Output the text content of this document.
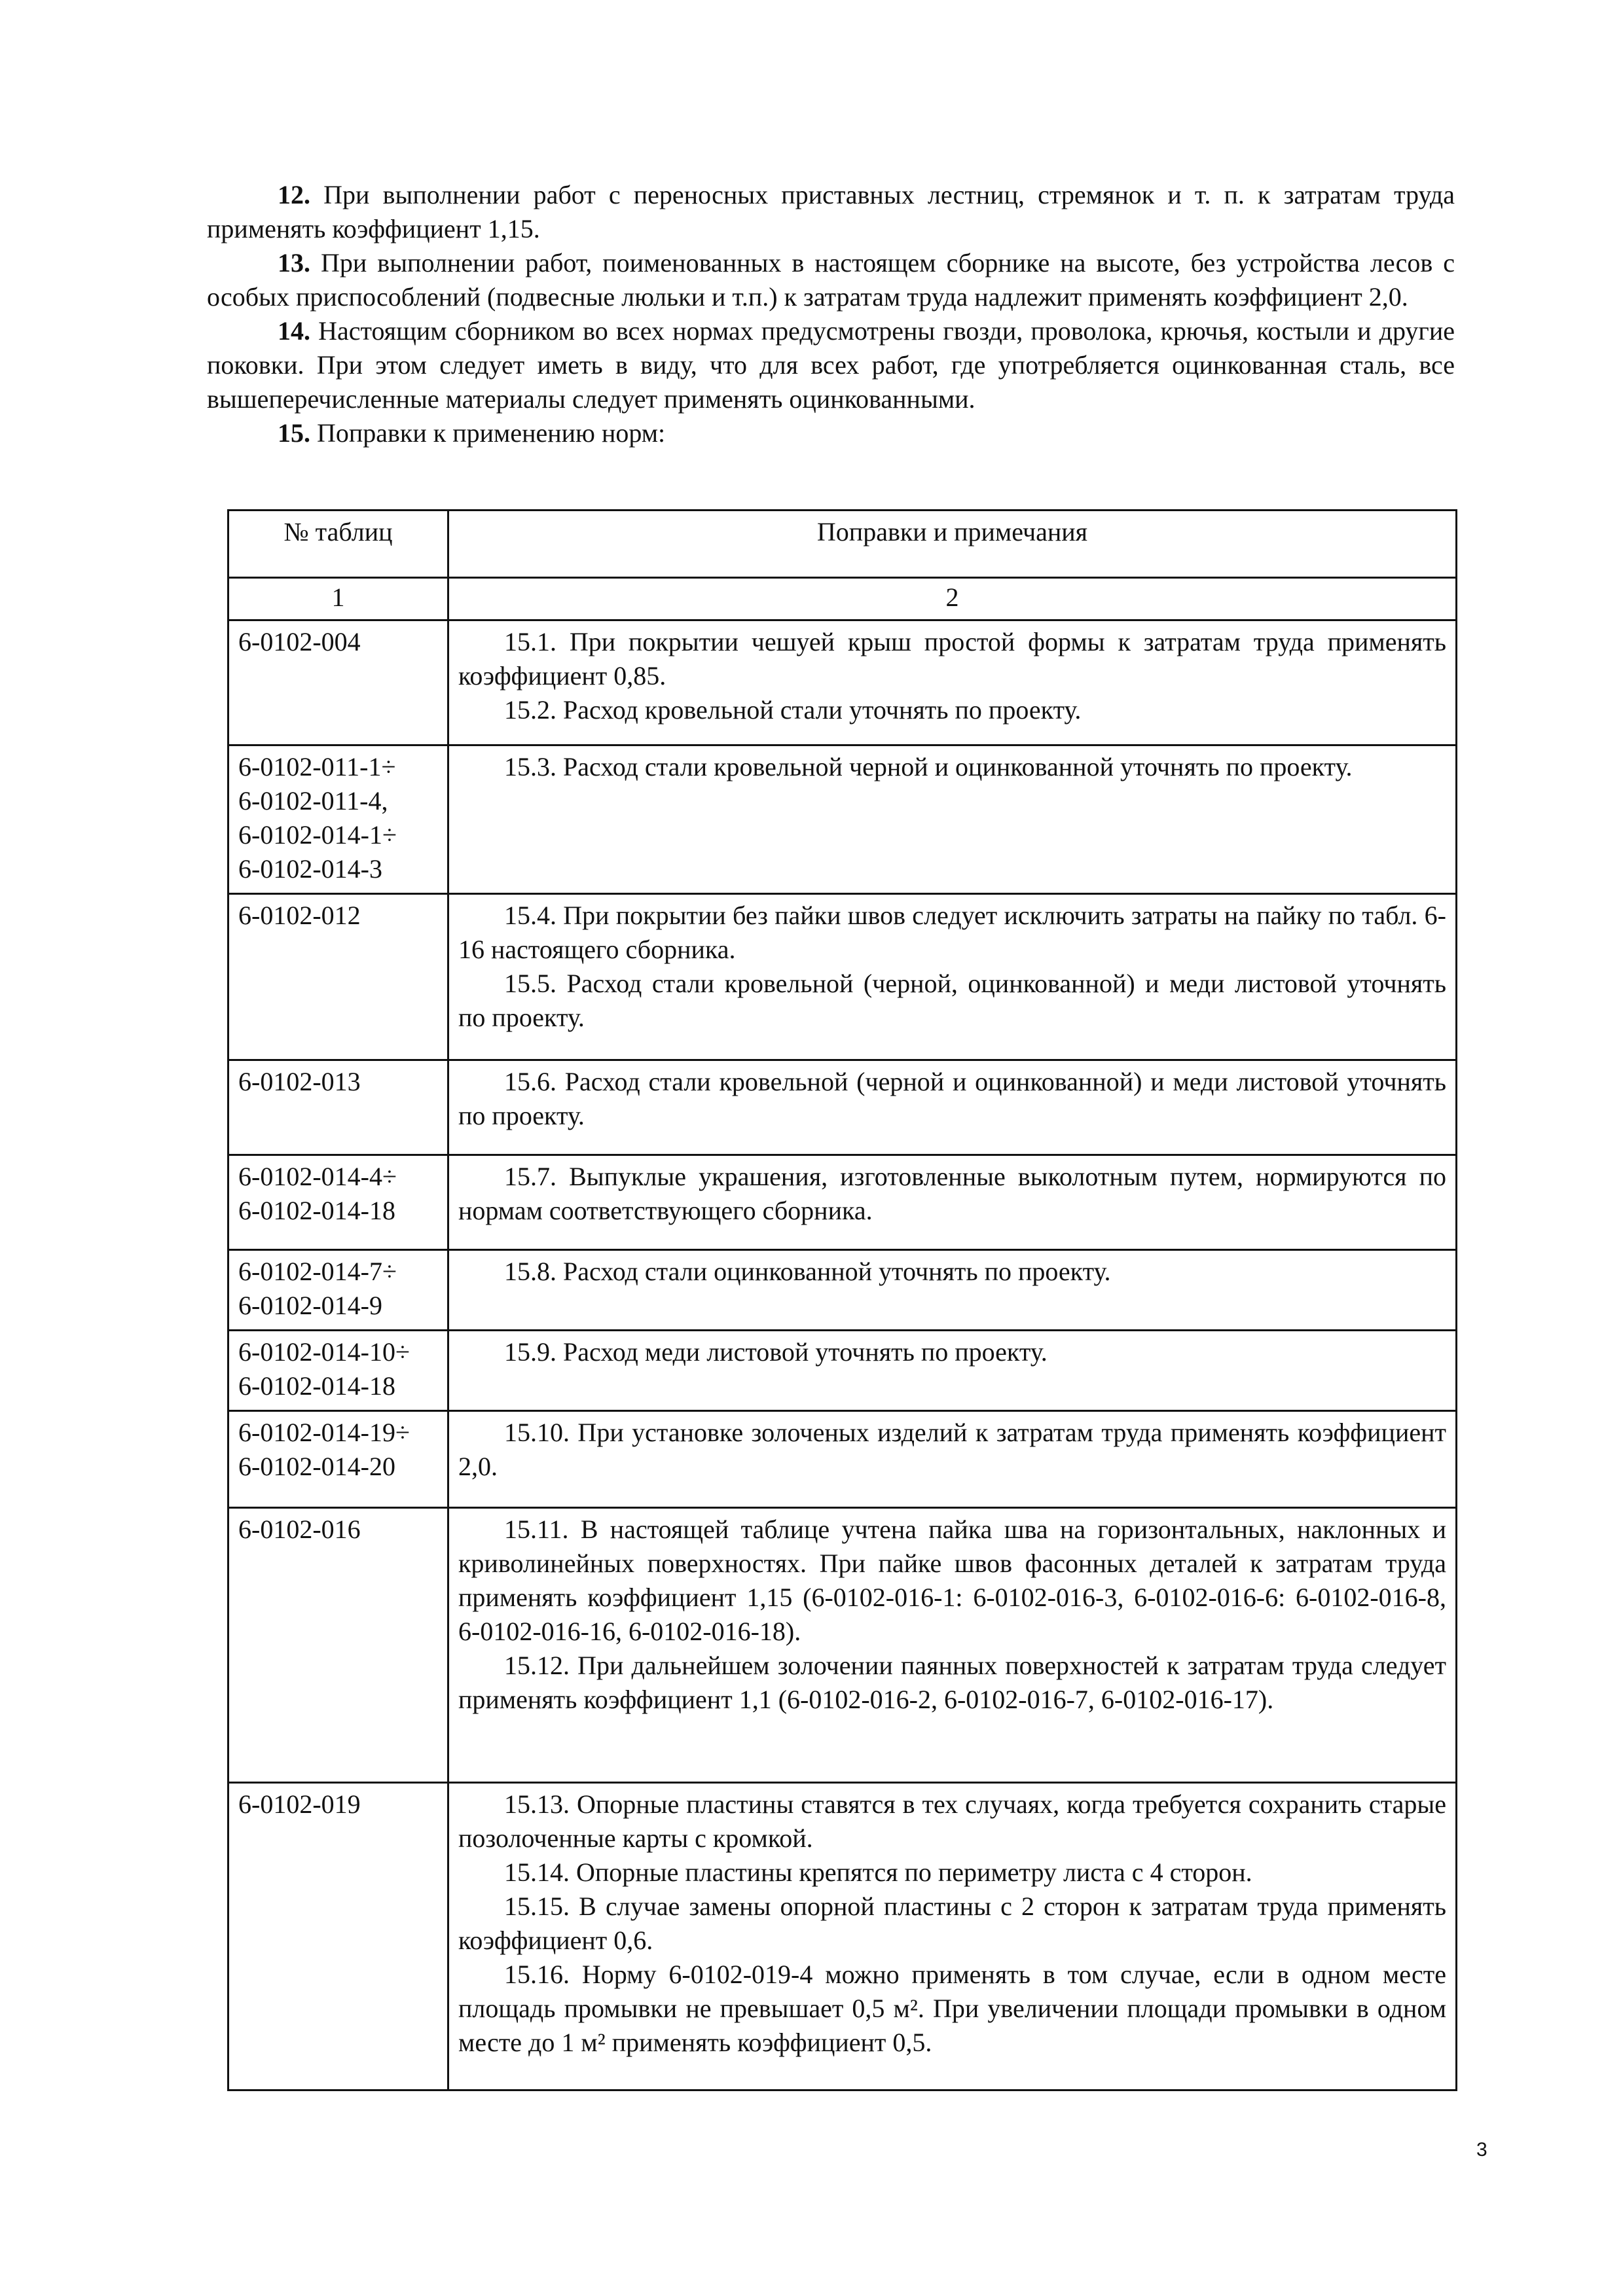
12. При выполнении работ с переносных приставных лестниц, стремянок и т. п. к затратам труда применять коэффициент 1,15.

13. При выполнении работ, поименованных в настоящем сборнике на высоте, без устройства лесов с особых приспособлений (подвесные люльки и т.п.) к затратам труда надлежит применять коэффициент 2,0.

14. Настоящим сборником во всех нормах предусмотрены гвозди, проволока, крючья, костыли и другие поковки. При этом следует иметь в виду, что для всех работ, где употребляется оцинкованная сталь, все вышеперечисленные материалы следует применять оцинкованными.

15. Поправки к применению норм:

№ таблиц	Поправки и примечания
1	2

6-0102-004	15.1. При покрытии чешуей крыш простой формы к затратам труда применять коэффициент 0,85.

15.2. Расход кровельной стали уточнять по проекту.

6-0102-011-1÷
6-0102-011-4,
6-0102-014-1÷
6-0102-014-3	15.3. Расход стали кровельной черной и оцинкованной уточнять по проекту.

6-0102-012	15.4. При покрытии без пайки швов следует исключить затраты на пайку по табл. 6-16 настоящего сборника.

15.5. Расход стали кровельной (черной, оцинкованной) и меди листовой уточнять по проекту.

6-0102-013	15.6. Расход стали кровельной (черной и оцинкованной) и меди листовой уточнять по проекту.

6-0102-014-4÷
6-0102-014-18	15.7. Выпуклые украшения, изготовленные выколотным путем, нормируются по нормам соответствующего сборника.

6-0102-014-7÷
6-0102-014-9	15.8. Расход стали оцинкованной уточнять по проекту.

6-0102-014-10÷
6-0102-014-18	15.9. Расход меди листовой уточнять по проекту.

6-0102-014-19÷
6-0102-014-20	15.10. При установке золоченых изделий к затратам труда применять коэффициент 2,0.

6-0102-016	15.11. В настоящей таблице учтена пайка шва на горизонтальных, наклонных и криволинейных поверхностях. При пайке швов фасонных деталей к затратам труда применять коэффициент 1,15 (6-0102-016-1: 6-0102-016-3, 6-0102-016-6: 6-0102-016-8, 6-0102-016-16, 6-0102-016-18).

15.12. При дальнейшем золочении паянных поверхностей к затратам труда следует применять коэффициент 1,1 (6-0102-016-2, 6-0102-016-7, 6-0102-016-17).

6-0102-019	15.13. Опорные пластины ставятся в тех случаях, когда требуется сохранить старые позолоченные карты с кромкой.

15.14. Опорные пластины крепятся по периметру листа с 4 сторон.

15.15. В случае замены опорной пластины с 2 сторон к затратам труда применять коэффициент 0,6.

15.16. Норму 6-0102-019-4 можно применять в том случае, если в одном месте площадь промывки не превышает 0,5 м². При увеличении площади промывки в одном месте до 1 м² применять коэффициент 0,5.

3
